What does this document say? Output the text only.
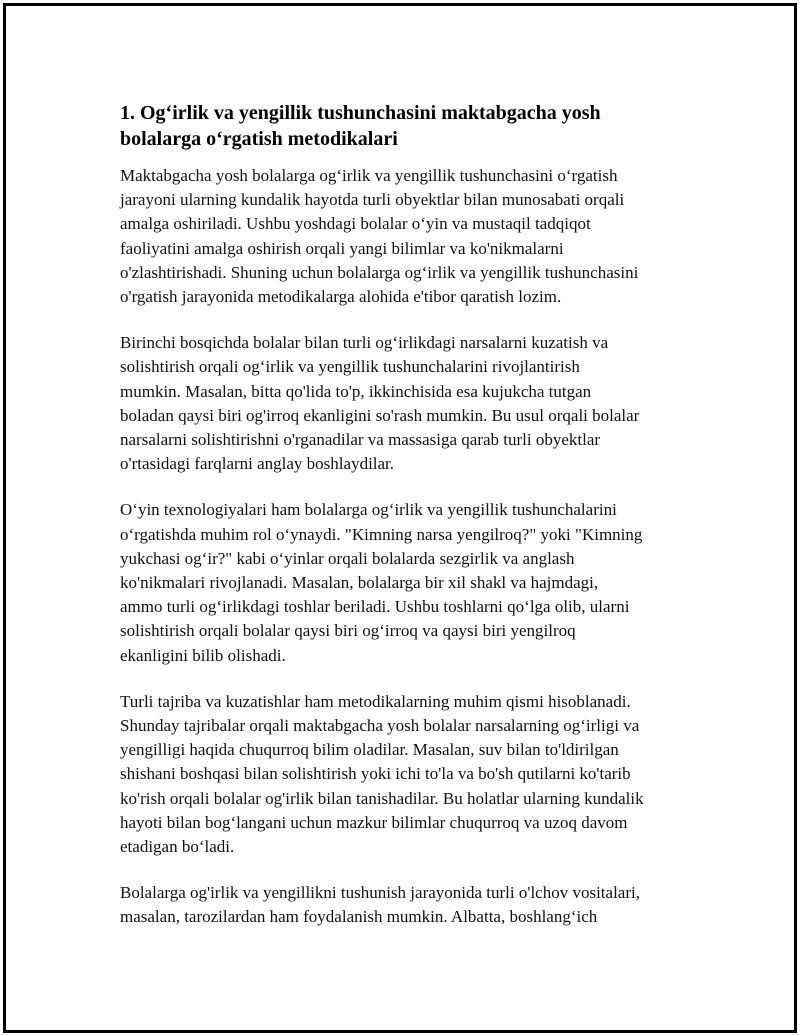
1. Og‘irlik va yengillik tushunchasini maktabgacha yosh
bolalarga o‘rgatish metodikalari

Maktabgacha yosh bolalarga og‘irlik va yengillik tushunchasini o‘rgatish
jarayoni ularning kundalik hayotda turli obyektlar bilan munosabati orqali
amalga oshiriladi. Ushbu yoshdagi bolalar o‘yin va mustaqil tadqiqot
faoliyatini amalga oshirish orqali yangi bilimlar va ko'nikmalarni
o'zlashtirishadi. Shuning uchun bolalarga og‘irlik va yengillik tushunchasini
o'rgatish jarayonida metodikalarga alohida e'tibor qaratish lozim.

Birinchi bosqichda bolalar bilan turli og‘irlikdagi narsalarni kuzatish va
solishtirish orqali og‘irlik va yengillik tushunchalarini rivojlantirish
mumkin. Masalan, bitta qo'lida to'p, ikkinchisida esa kujukcha tutgan
boladan qaysi biri og'irroq ekanligini so'rash mumkin. Bu usul orqali bolalar
narsalarni solishtirishni o'rganadilar va massasiga qarab turli obyektlar
o'rtasidagi farqlarni anglay boshlaydilar.

O‘yin texnologiyalari ham bolalarga og‘irlik va yengillik tushunchalarini
o‘rgatishda muhim rol o‘ynaydi. "Kimning narsa yengilroq?" yoki "Kimning
yukchasi og‘ir?" kabi o‘yinlar orqali bolalarda sezgirlik va anglash
ko'nikmalari rivojlanadi. Masalan, bolalarga bir xil shakl va hajmdagi,
ammo turli og‘irlikdagi toshlar beriladi. Ushbu toshlarni qo‘lga olib, ularni
solishtirish orqali bolalar qaysi biri og‘irroq va qaysi biri yengilroq
ekanligini bilib olishadi.

Turli tajriba va kuzatishlar ham metodikalarning muhim qismi hisoblanadi.
Shunday tajribalar orqali maktabgacha yosh bolalar narsalarning og‘irligi va
yengilligi haqida chuqurroq bilim oladilar. Masalan, suv bilan to'ldirilgan
shishani boshqasi bilan solishtirish yoki ichi to'la va bo'sh qutilarni ko'tarib
ko'rish orqali bolalar og'irlik bilan tanishadilar. Bu holatlar ularning kundalik
hayoti bilan bog‘langani uchun mazkur bilimlar chuqurroq va uzoq davom
etadigan bo‘ladi.

Bolalarga og'irlik va yengillikni tushunish jarayonida turli o'lchov vositalari,
masalan, tarozilardan ham foydalanish mumkin. Albatta, boshlang‘ich
